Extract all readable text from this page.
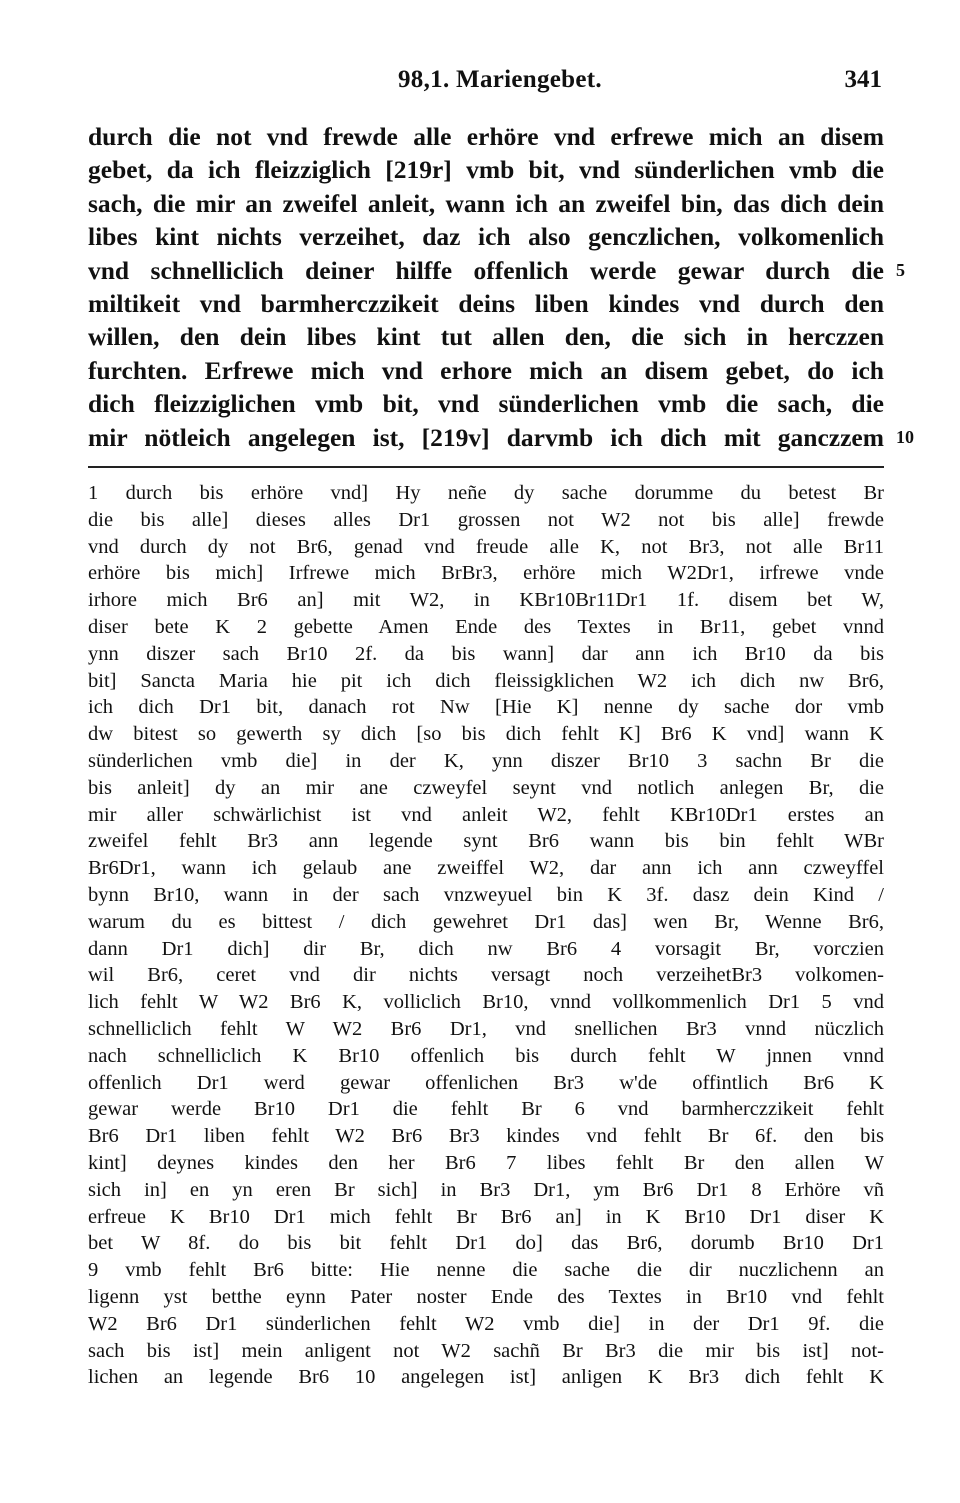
98,1. Mariengebet.	341
durch die not vnd frewde alle erhöre vnd erfrewe mich an disem
gebet, da ich fleizziglich [219r] vmb bit, vnd sünderlichen vmb die
sach, die mir an zweifel anleit, wann ich an zweifel bin, das dich dein
libes kint nichts verzeihet, daz ich also genczlichen, volkomenlich
vnd schnelliclich deiner hilffe offenlich werde gewar durch die 5
miltikeit vnd barmherczzikeit deins liben kindes vnd durch den
willen, den dein libes kint tut allen den, die sich in herczzen
furchten. Erfrewe mich vnd erhore mich an disem gebet, do ich
dich fleizziglichen vmb bit, vnd sünderlichen vmb die sach, die
mir nötleich angelegen ist, [219v] darvmb ich dich mit ganczzem 10
1 durch bis erhöre vnd] Hy neñe dy sache dorumme du betest Br
die bis alle] dieses alles Dr1 grossen not W2 not bis alle] frewde
vnd durch dy not Br6, genad vnd freude alle K, not Br3, not alle Br11
erhöre bis mich] Irfrewe mich BrBr3, erhöre mich W2Dr1, irfrewe vnde
irhore mich Br6 an] mit W2, in KBr10Br11Dr1 1f. disem bet W,
diser bete K 2 gebette Amen Ende des Textes in Br11, gebet vnnd
ynn diszer sach Br10 2f. da bis wann] dar ann ich Br10 da bis
bit] Sancta Maria hie pit ich dich fleissigklichen W2 ich dich nw Br6,
ich dich Dr1 bit, danach rot Nw [Hie K] nenne dy sache dor vmb
dw bitest so gewerth sy dich [so bis dich fehlt K] Br6 K vnd] wann K
sünderlichen vmb die] in der K, ynn diszer Br10 3 sachn Br die
bis anleit] dy an mir ane czweyfel seynt vnd notlich anlegen Br, die
mir aller schwärlichist ist vnd anleit W2, fehlt KBr10Dr1 erstes an
zweifel fehlt Br3 ann legende synt Br6 wann bis bin fehlt WBr
Br6Dr1, wann ich gelaub ane zweiffel W2, dar ann ich ann czweyffel
bynn Br10, wann in der sach vnzweyuel bin K 3f. dasz dein Kind /
warum du es bittest / dich gewehret Dr1 das] wen Br, Wenne Br6,
dann Dr1 dich] dir Br, dich nw Br6 4 vorsagit Br, vorczien
wil Br6, ceret vnd dir nichts versagt noch verzeihetBr3 volkomen-
lich fehlt W W2 Br6 K, volliclich Br10, vnnd vollkommenlich Dr1 5 vnd
schnelliclich fehlt W W2 Br6 Dr1, vnd snellichen Br3 vnnd nüczlich
nach schnelliclich K Br10 offenlich bis durch fehlt W jnnen vnnd
offenlich Dr1 werd gewar offenlichen Br3 w'de offintlich Br6 K
gewar werde Br10 Dr1 die fehlt Br 6 vnd barmherczzikeit fehlt
Br6 Dr1 liben fehlt W2 Br6 Br3 kindes vnd fehlt Br 6f. den bis
kint] deynes kindes den her Br6 7 libes fehlt Br den allen W
sich in] en yn eren Br sich] in Br3 Dr1, ym Br6 Dr1 8 Erhöre vñ
erfreue K Br10 Dr1 mich fehlt Br Br6 an] in K Br10 Dr1 diser K
bet W 8f. do bis bit fehlt Dr1 do] das Br6, dorumb Br10 Dr1
9 vmb fehlt Br6 bitte: Hie nenne die sache die dir nuczlichenn an
ligenn yst betthe eynn Pater noster Ende des Textes in Br10 vnd fehlt
W2 Br6 Dr1 sünderlichen fehlt W2 vmb die] in der Dr1 9f. die
sach bis ist] mein anligent not W2 sachñ Br Br3 die mir bis ist] not-
lichen an legende Br6 10 angelegen ist] anligen K Br3 dich fehlt K
